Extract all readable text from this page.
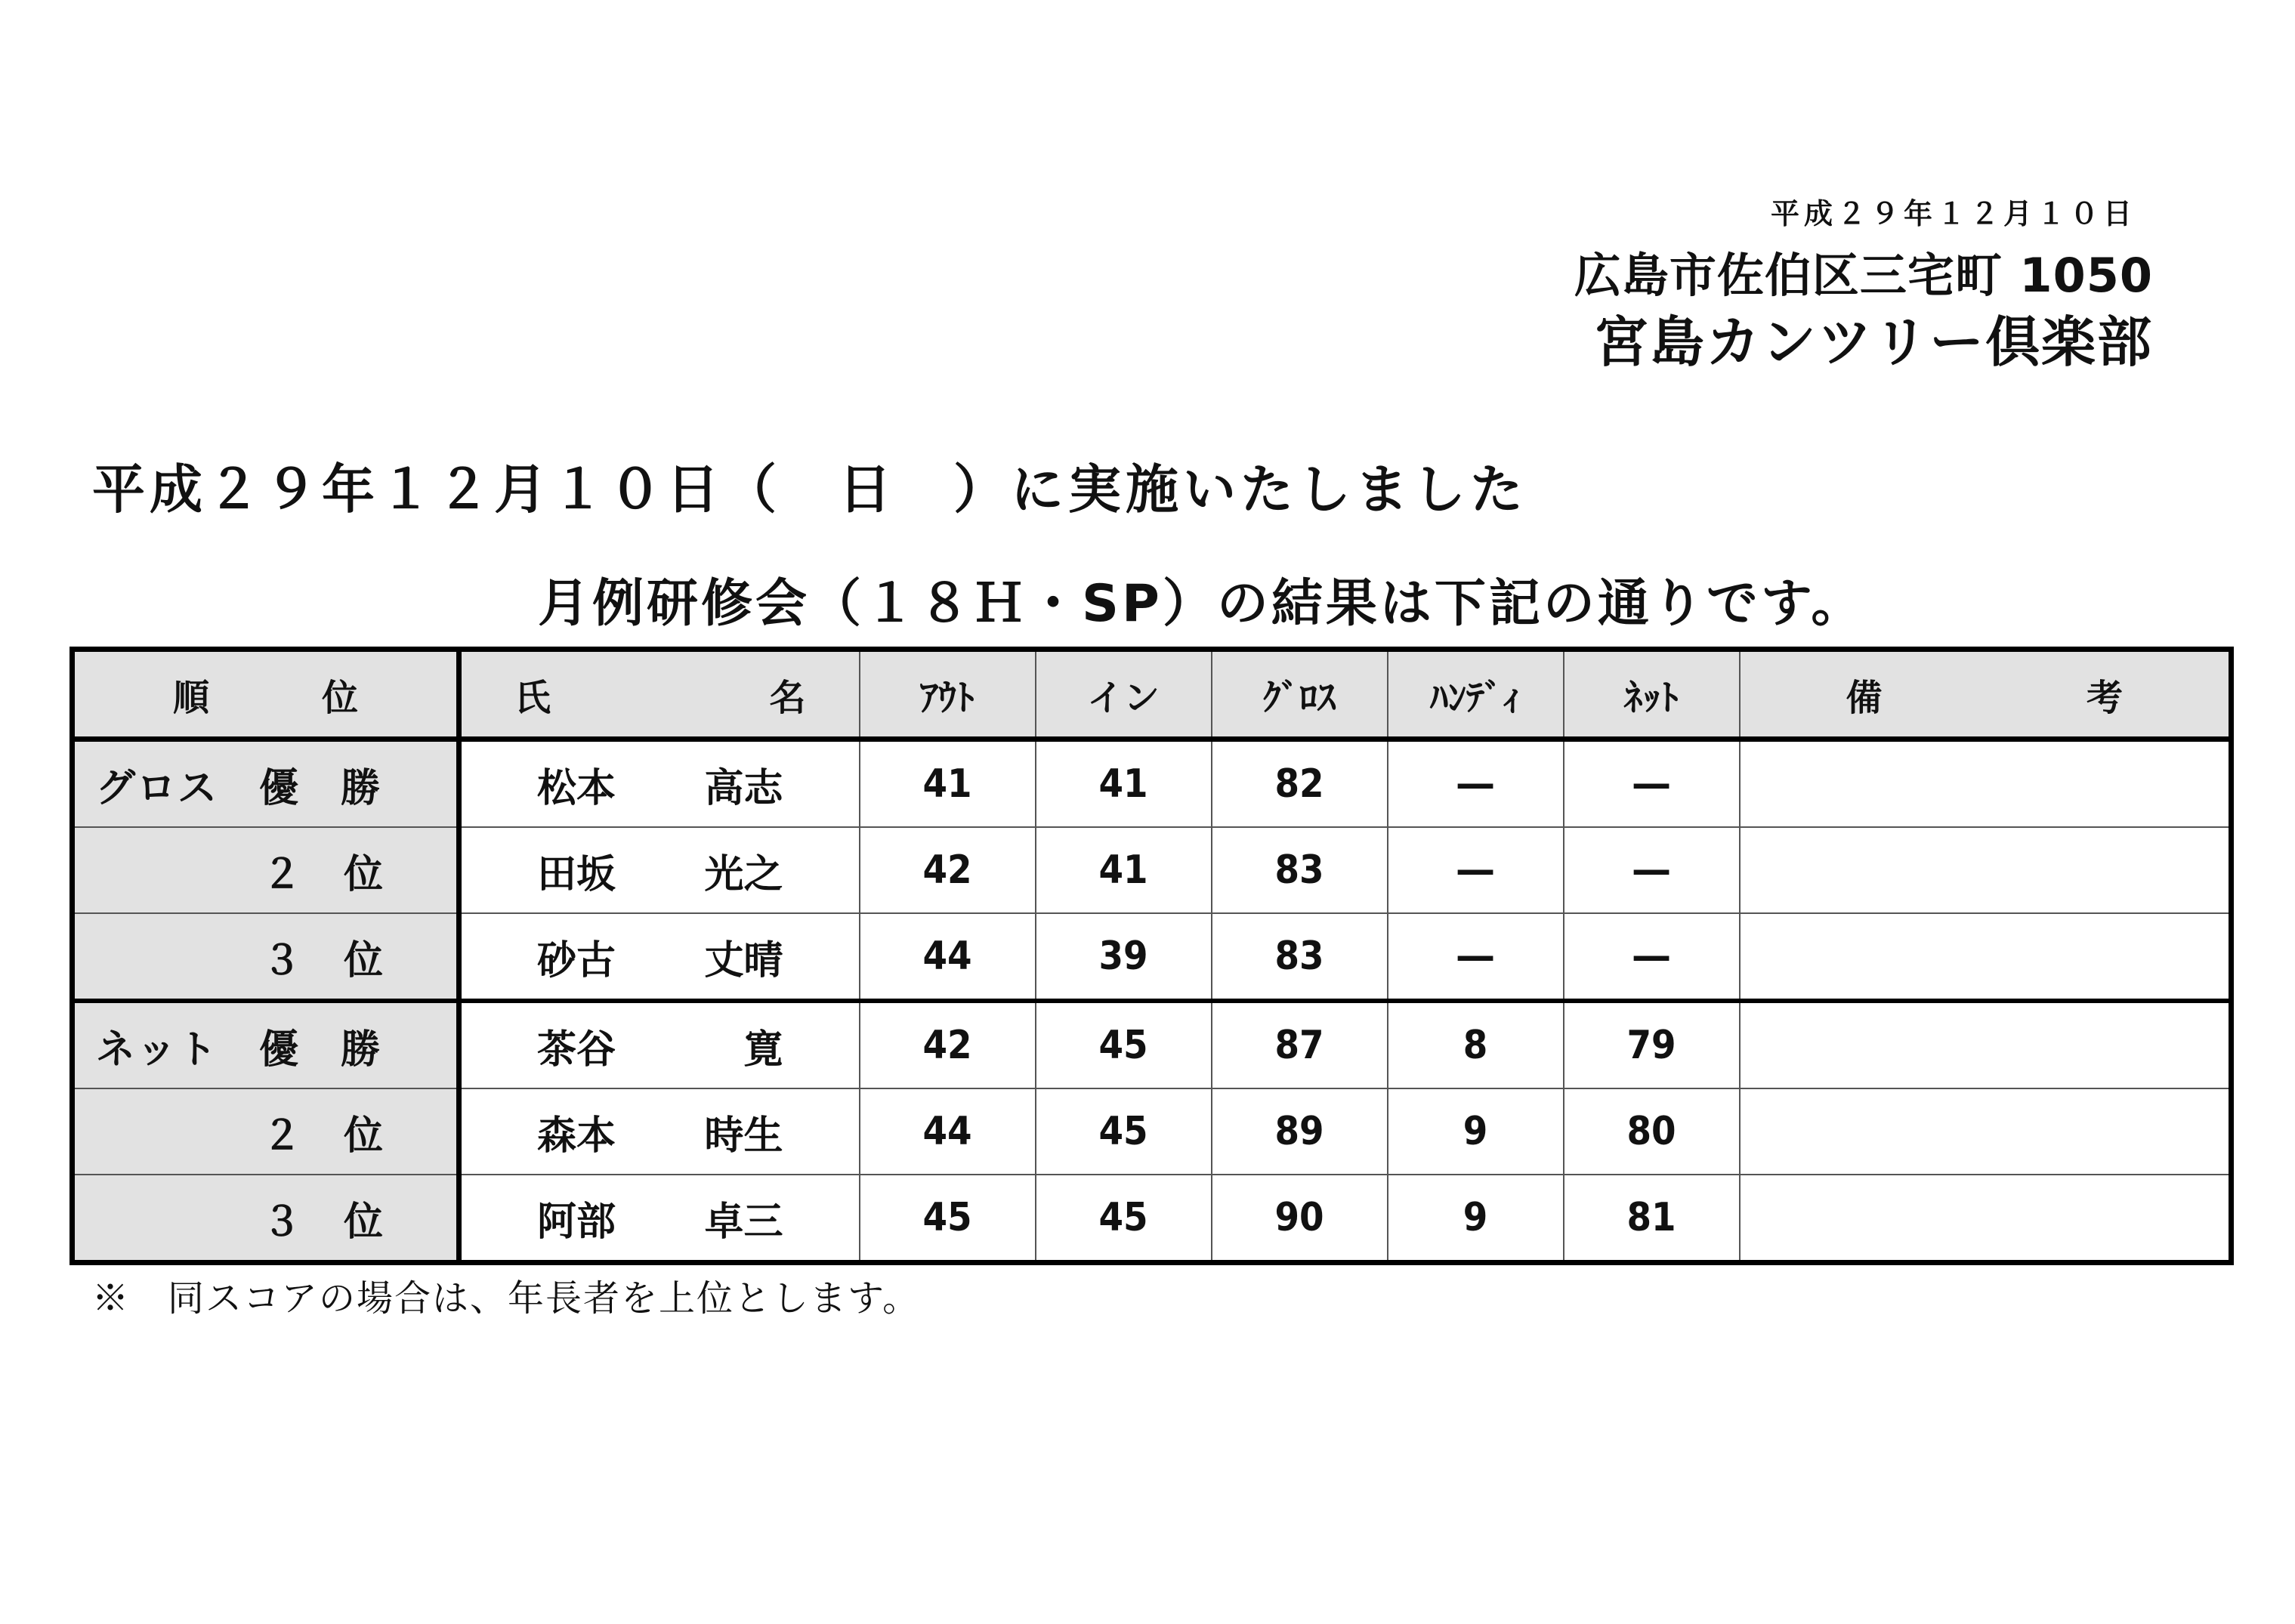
平成２９年１２月１０日
広島市佐伯区三宅町 1050
宮島カンツリー倶楽部
平成２９年１２月１０日（　日　）に実施いたしました
月例研修会（１８Ｈ・SP）の結果は下記の通りです。
順 位	氏 名	ｱｳﾄ	イン	ｸﾞﾛｽ	ﾊﾝﾃﾞｨ	ﾈｯﾄ	備 考

グロス　優　勝	松本 高志	41	41	82	―	―	
２　位	田坂 光之	42	41	83	―	―	
３　位	砂古 丈晴	44	39	83	―	―	
ネット　優　勝	茶谷 寛	42	45	87	8	79	
２　位	森本 時生	44	45	89	9	80	
３　位	阿部 卓三	45	45	90	9	81	
※　同スコアの場合は、年長者を上位とします。
